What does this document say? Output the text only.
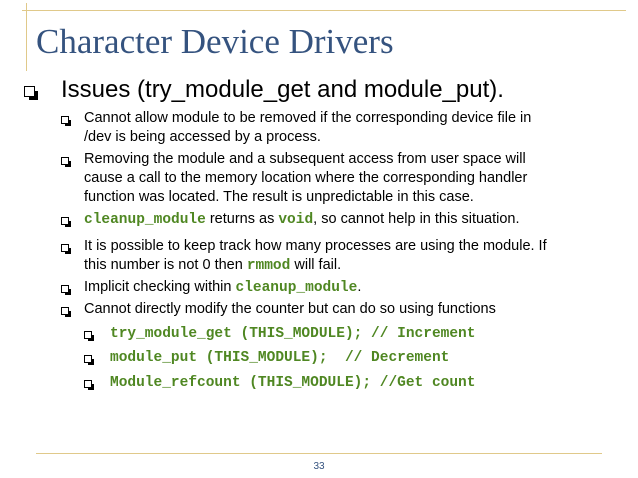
Character Device Drivers
Issues (try_module_get and module_put).
Cannot allow module to be removed if the corresponding device file in
/dev is being accessed by a process.
Removing the module and a subsequent access from user space will
cause a call to the memory location where the corresponding handler
function was located. The result is unpredictable in this case.
cleanup_module returns as void, so cannot help in this situation.
It is possible to keep track how many processes are using the module. If
this number is not 0 then rmmod will fail.
Implicit checking within cleanup_module.
Cannot directly modify the counter but can do so using functions
try_module_get (THIS_MODULE); // Increment
module_put (THIS_MODULE);  // Decrement
Module_refcount (THIS_MODULE); //Get count
33
